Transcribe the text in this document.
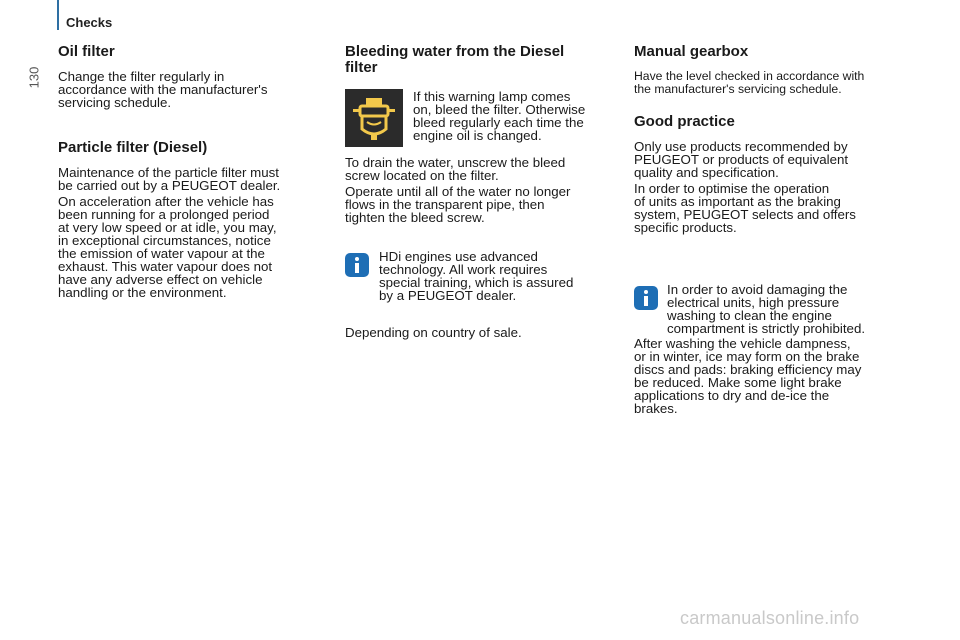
Checks
130
Oil filter

Change the filter regularly in
accordance with the manufacturer's
servicing schedule.

Particle filter (Diesel)

Maintenance of the particle filter must
be carried out by a PEUGEOT dealer.

On acceleration after the vehicle has
been running for a prolonged period
at very low speed or at idle, you may,
in exceptional circumstances, notice
the emission of water vapour at the
exhaust. This water vapour does not
have any adverse effect on vehicle
handling or the environment.

Bleeding water from the Diesel
filter

If this warning lamp comes
on, bleed the filter. Otherwise
bleed regularly each time the
engine oil is changed.

To drain the water, unscrew the bleed
screw located on the filter.

Operate until all of the water no longer
flows in the transparent pipe, then
tighten the bleed screw.

HDi engines use advanced
technology. All work requires
special training, which is assured
by a PEUGEOT dealer.

Depending on country of sale.

Manual gearbox

Have the level checked in accordance with
the manufacturer's servicing schedule.

Good practice

Only use products recommended by
PEUGEOT or products of equivalent
quality and specification.

In order to optimise the operation
of units as important as the braking
system, PEUGEOT selects and offers
specific products.

In order to avoid damaging the
electrical units, high pressure
washing to clean the engine
compartment is strictly prohibited.

After washing the vehicle dampness,
or in winter, ice may form on the brake
discs and pads: braking efficiency may
be reduced. Make some light brake
applications to dry and de-ice the
brakes.

carmanualsonline.info
